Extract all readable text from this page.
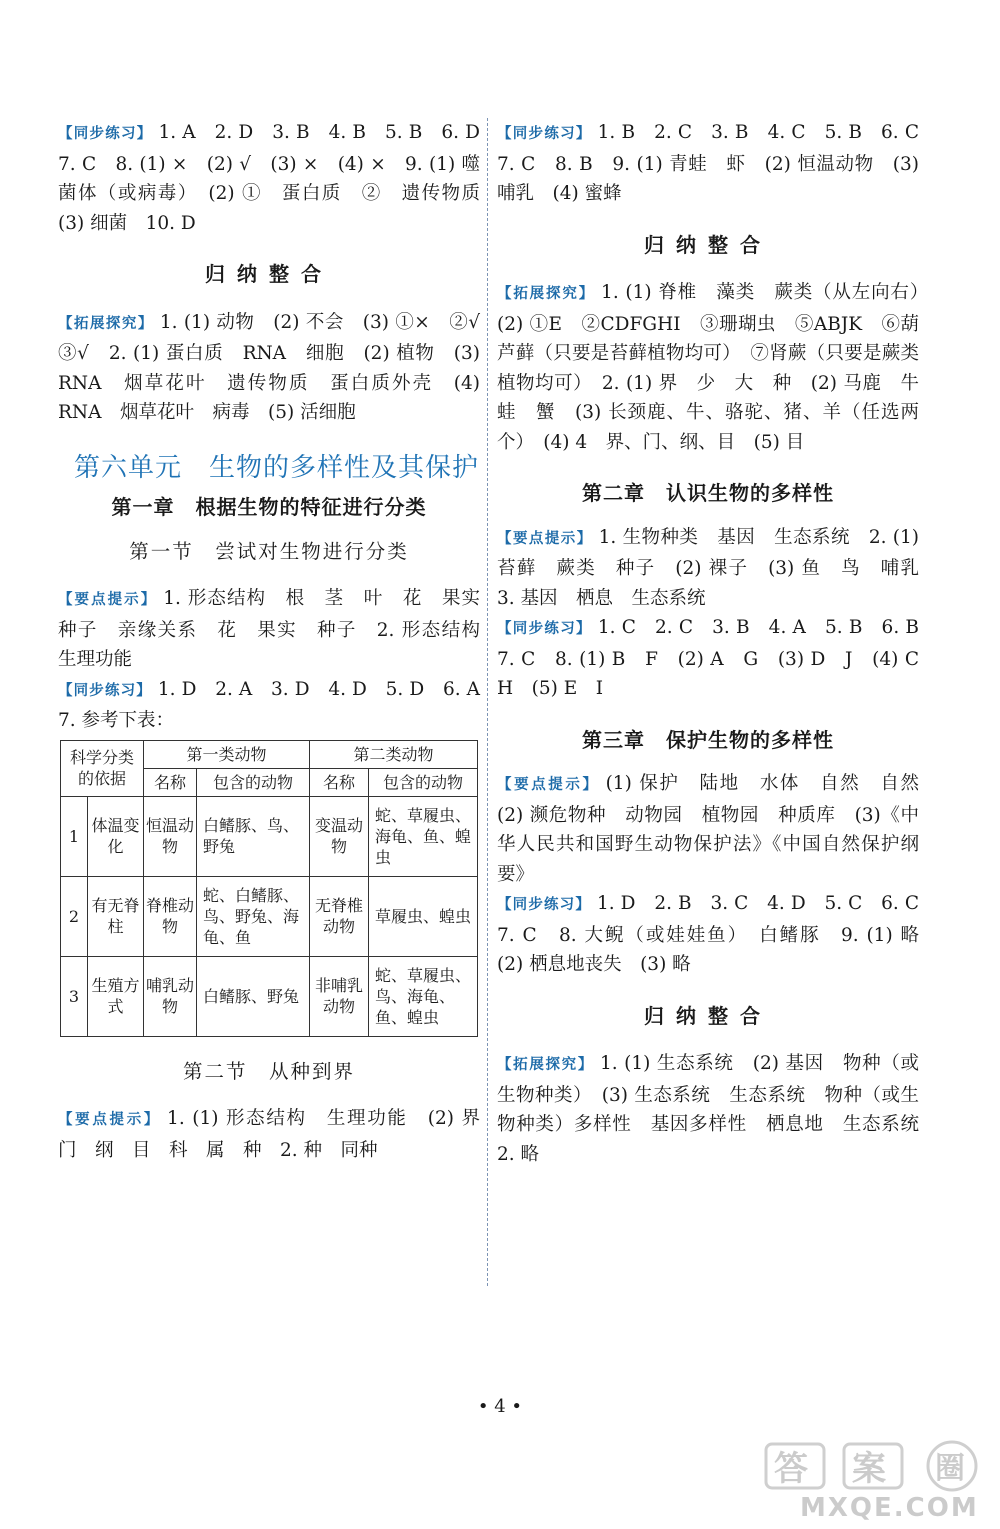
【同步练习】 1. A　2. D　3. B　4. B　5. B　6. D　7. C　8. (1) ×　(2) √　(3) ×　(4) ×　9. (1) 噬菌体（或病毒）　(2) ①　蛋白质　②　遗传物质　(3) 细菌　10. D

归纳整合

【拓展探究】 1. (1) 动物　(2) 不会　(3) ①×　②√　③√　2. (1) 蛋白质　RNA　细胞　(2) 植物　(3) RNA　烟草花叶　遗传物质　蛋白质外壳　(4) RNA　烟草花叶　病毒　(5) 活细胞

第六单元　生物的多样性及其保护
第一章　根据生物的特征进行分类
第一节　尝试对生物进行分类

【要点提示】 1. 形态结构　根　茎　叶　花　果实　种子　亲缘关系　花　果实　种子　2. 形态结构　生理功能

【同步练习】 1. D　2. A　3. D　4. D　5. D　6. A　7. 参考下表：

科学分类的依据		第一类动物		第二类动物	
		名称	包含的动物	名称	包含的动物
1	体温变化	恒温动物	白鳍豚、鸟、野兔	变温动物	蛇、草履虫、海龟、鱼、蝗虫
2	有无脊柱	脊椎动物	蛇、白鳍豚、鸟、野兔、海龟、鱼	无脊椎动物	草履虫、蝗虫
3	生殖方式	哺乳动物	白鳍豚、野兔	非哺乳动物	蛇、草履虫、鸟、海龟、鱼、蝗虫
第二节　从种到界

【要点提示】 1. (1) 形态结构　生理功能　(2) 界　门　纲　目　科　属　种　2. 种　同种

【同步练习】 1. B　2. C　3. B　4. C　5. B　6. C　7. C　8. B　9. (1) 青蛙　虾　(2) 恒温动物　(3) 哺乳　(4) 蜜蜂

归纳整合

【拓展探究】 1. (1) 脊椎　藻类　蕨类（从左向右）　(2) ①E　②CDFGHI　③珊瑚虫　⑤ABJK　⑥葫芦藓（只要是苔藓植物均可）　⑦肾蕨（只要是蕨类植物均可）　2. (1) 界　少　大　种　(2) 马鹿　牛　蛙　蟹　(3) 长颈鹿、牛、骆驼、猪、羊（任选两个）　(4) 4　界、门、纲、目　(5) 目

第二章　认识生物的多样性

【要点提示】 1. 生物种类　基因　生态系统　2. (1) 苔藓　蕨类　种子　(2) 裸子　(3) 鱼　鸟　哺乳　3. 基因　栖息　生态系统

【同步练习】 1. C　2. C　3. B　4. A　5. B　6. B　7. C　8. (1) B　F　(2) A　G　(3) D　J　(4) C　H　(5) E　I

第三章　保护生物的多样性

【要点提示】 (1) 保护　陆地　水体　自然　自然　(2) 濒危物种　动物园　植物园　种质库　(3)《中华人民共和国野生动物保护法》《中国自然保护纲要》

【同步练习】 1. D　2. B　3. C　4. D　5. C　6. C　7. C　8. 大鲵（或娃娃鱼）　白鳍豚　9. (1) 略　(2) 栖息地丧失　(3) 略

归纳整合

【拓展探究】 1. (1) 生态系统　(2) 基因　物种（或生物种类）　(3) 生态系统　生态系统　物种（或生物种类）多样性　基因多样性　栖息地　生态系统　2. 略

• 4 •
答 案 圈
MXQE.COM
